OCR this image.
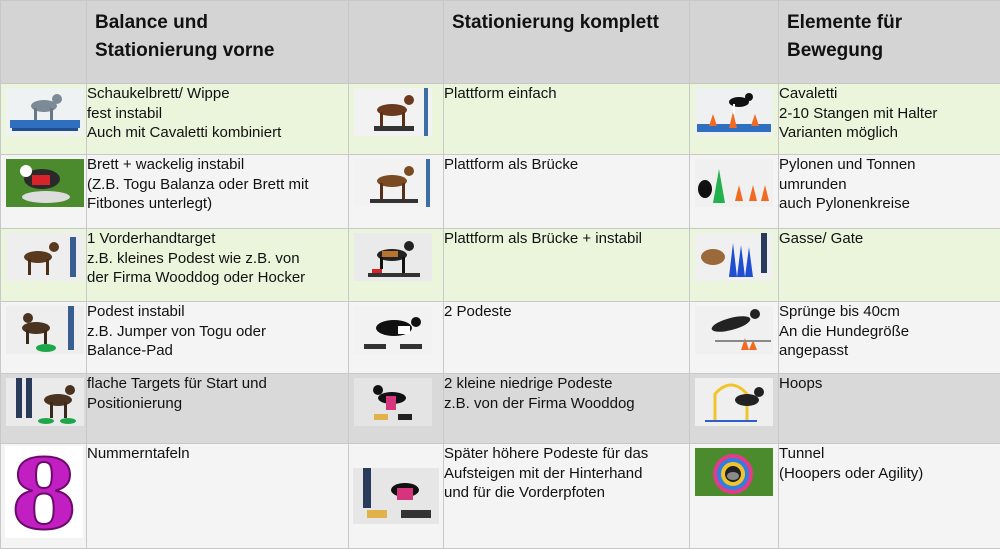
	Balance und
Stationierung vorne		Stationierung komplett		Elemente für
Bewegung

Schaukelbrett/ Wippe
fest instabil
Auch mit Cavaletti kombiniert		Plattform einfach		Cavaletti
2-10 Stangen mit Halter
Varianten möglich

Brett + wackelig instabil
(Z.B. Togu Balanza oder Brett mit
Fitbones unterlegt)		Plattform als Brücke		Pylonen und Tonnen
umrunden
auch Pylonenkreise

1 Vorderhandtarget
z.B. kleines Podest wie z.B. von
der Firma Wooddog oder Hocker		Plattform als Brücke + instabil		Gasse/ Gate

Podest instabil
z.B. Jumper von Togu oder
Balance-Pad		2 Podeste		Sprünge bis 40cm
An die Hundegröße
angepasst

flache Targets für Start und
Positionierung		2 kleine niedrige Podeste
z.B. von der Firma Wooddog		Hoops

8	Nummerntafeln		Später höhere Podeste für das
Aufsteigen mit der Hinterhand
und für die Vorderpfoten		Tunnel
(Hoopers oder Agility)
